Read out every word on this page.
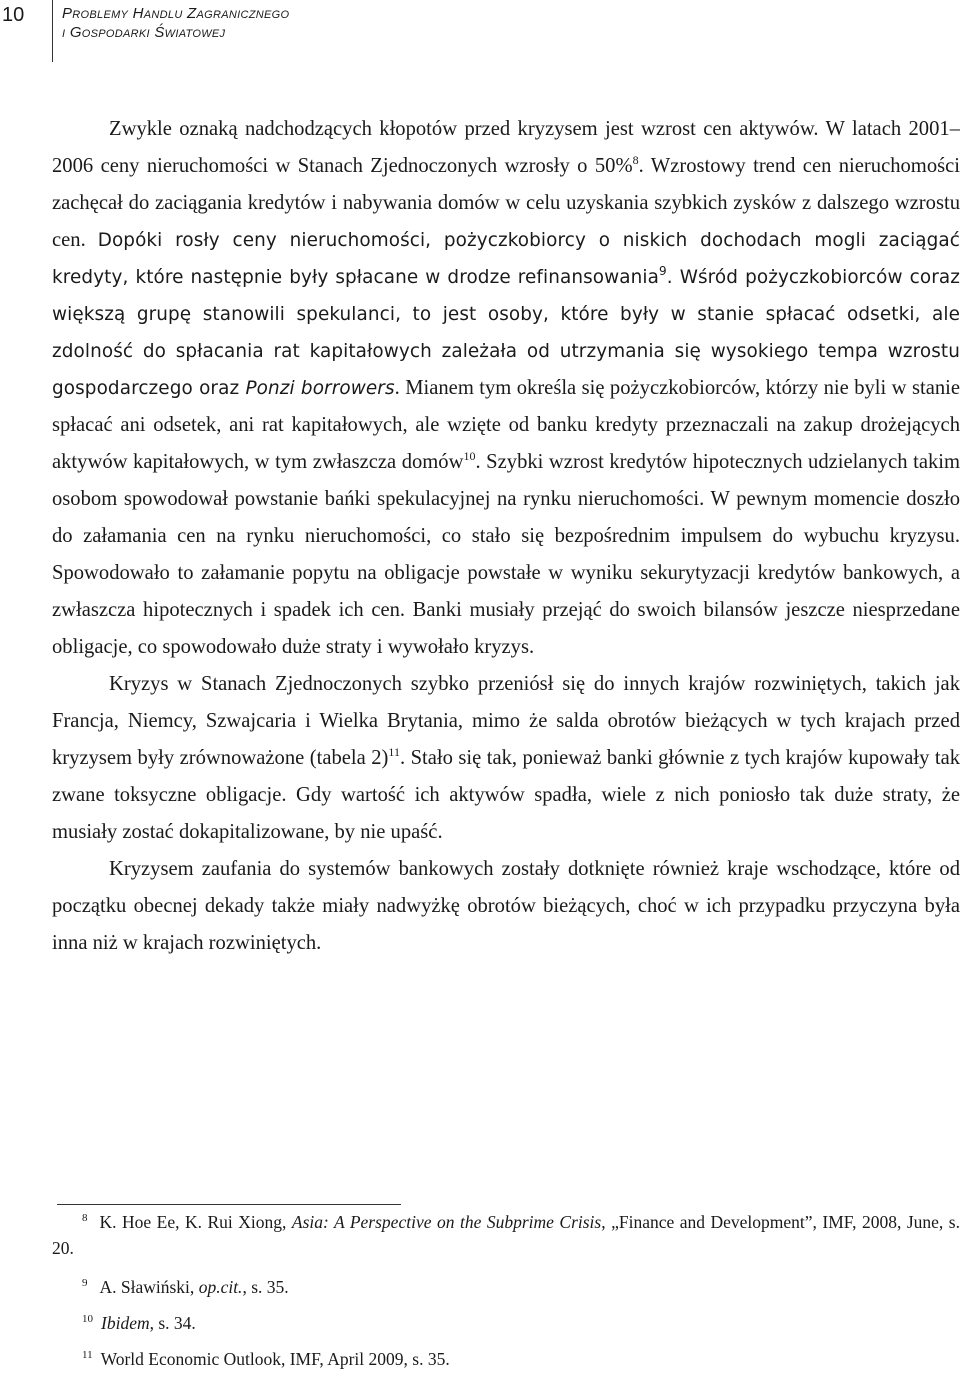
10	Problemy Handlu Zagranicznego
i Gospodarki Światowej

Zwykle oznaką nadchodzących kłopotów przed kryzysem jest wzrost cen aktywów. W latach 2001–2006 ceny nieruchomości w Stanach Zjednoczonych wzrosły o 50%$^8$. Wzrostowy trend cen nieruchomości zachęcał do zaciągania kredytów i nabywania domów w celu uzyskania szybkich zysków z dalszego wzrostu cen. Dopóki rosły ceny nieruchomości, pożyczkobiorcy o niskich dochodach mogli zaciągać kredyty, które następnie były spłacane w drodze refinansowania$^9$. Wśród pożyczkobiorców coraz większą grupę stanowili spekulanci, to jest osoby, które były w stanie spłacać odsetki, ale zdolność do spłacania rat kapitałowych zależała od utrzymania się wysokiego tempa wzrostu gospodarczego oraz Ponzi borrowers. Mianem tym określa się pożyczkobiorców, którzy nie byli w stanie spłacać ani odsetek, ani rat kapitałowych, ale wzięte od banku kredyty przeznaczali na zakup drożejących aktywów kapitałowych, w tym zwłaszcza domów$^{10}$. Szybki wzrost kredytów hipotecznych udzielanych takim osobom spowodował powstanie bańki spekulacyjnej na rynku nieruchomości. W pewnym momencie doszło do załamania cen na rynku nieruchomości, co stało się bezpośrednim impulsem do wybuchu kryzysu. Spowodowało to załamanie popytu na obligacje powstałe w wyniku sekurytyzacji kredytów bankowych, a zwłaszcza hipotecznych i spadek ich cen. Banki musiały przejąć do swoich bilansów jeszcze niesprzedane obligacje, co spowodowało duże straty i wywołało kryzys.

Kryzys w Stanach Zjednoczonych szybko przeniósł się do innych krajów rozwiniętych, takich jak Francja, Niemcy, Szwajcaria i Wielka Brytania, mimo że salda obrotów bieżących w tych krajach przed kryzysem były zrównoważone (tabela 2)$^{11}$. Stało się tak, ponieważ banki głównie z tych krajów kupowały tak zwane toksyczne obligacje. Gdy wartość ich aktywów spadła, wiele z nich poniosło tak duże straty, że musiały zostać dokapitalizowane, by nie upaść.

Kryzysem zaufania do systemów bankowych zostały dotknięte również kraje wschodzące, które od początku obecnej dekady także miały nadwyżkę obrotów bieżących, choć w ich przypadku przyczyna była inna niż w krajach rozwiniętych.

$^8$ K. Hoe Ee, K. Rui Xiong, Asia: A Perspective on the Subprime Crisis, „Finance and Development”, IMF, 2008, June, s. 20.

$^9$ A. Sławiński, op.cit., s. 35.

$^{10}$ Ibidem, s. 34.

$^{11}$ World Economic Outlook, IMF, April 2009, s. 35.
